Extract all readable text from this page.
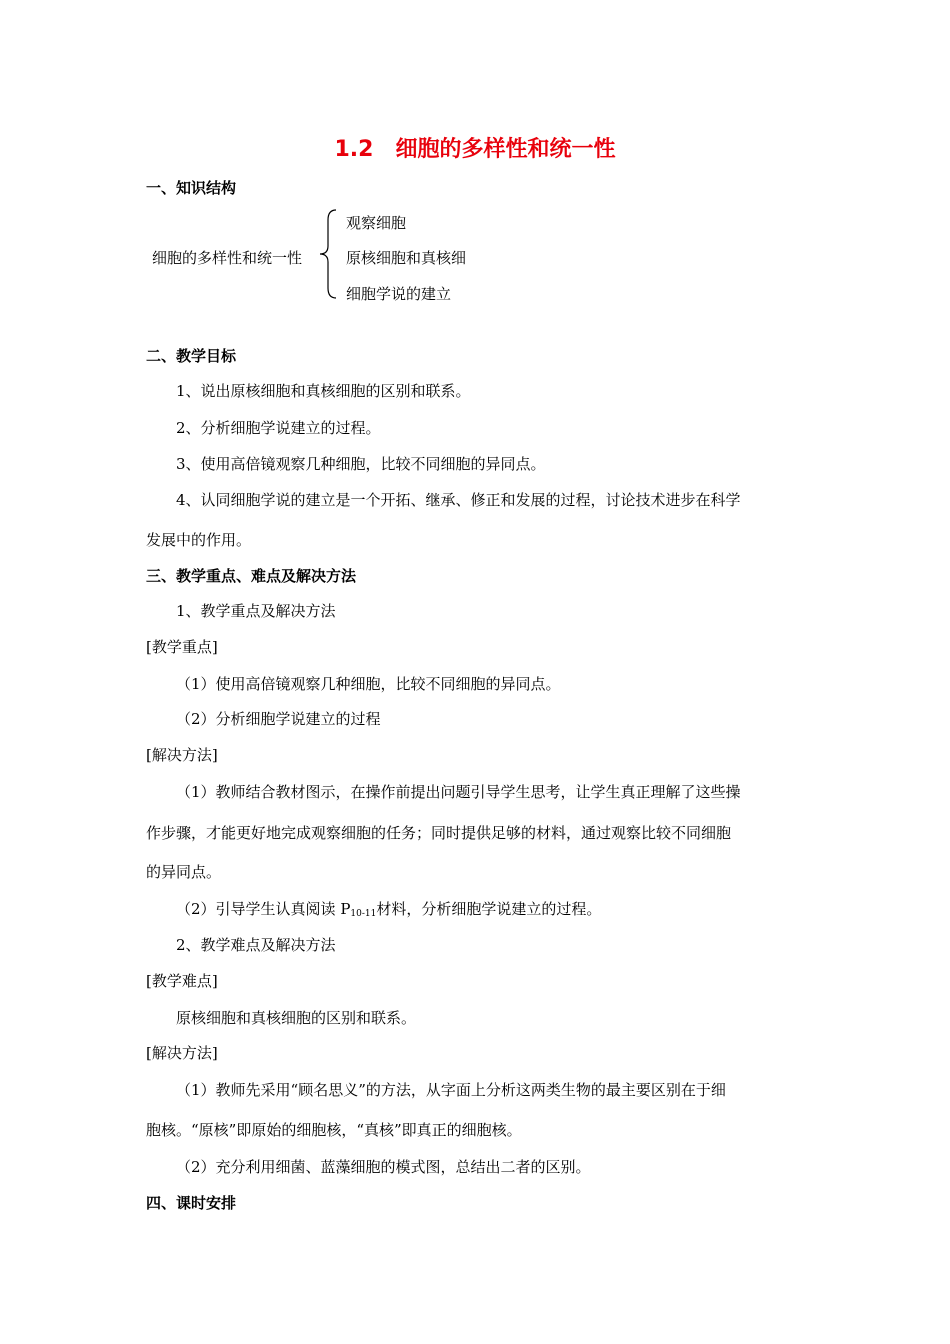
1.2 细胞的多样性和统一性
一、知识结构
细胞的多样性和统一性
观察细胞
原核细胞和真核细
细胞学说的建立
二、教学目标
1、说出原核细胞和真核细胞的区别和联系。
2、分析细胞学说建立的过程。
3、使用高倍镜观察几种细胞，比较不同细胞的异同点。
4、认同细胞学说的建立是一个开拓、继承、修正和发展的过程，讨论技术进步在科学
发展中的作用。
三、教学重点、难点及解决方法
1、教学重点及解决方法
[教学重点]
（1）使用高倍镜观察几种细胞，比较不同细胞的异同点。
（2）分析细胞学说建立的过程
[解决方法]
（1）教师结合教材图示，在操作前提出问题引导学生思考，让学生真正理解了这些操
作步骤，才能更好地完成观察细胞的任务；同时提供足够的材料，通过观察比较不同细胞
的异同点。
（2）引导学生认真阅读 $P_{10-11}$材料，分析细胞学说建立的过程。
2、教学难点及解决方法
[教学难点]
原核细胞和真核细胞的区别和联系。
[解决方法]
（1）教师先采用“顾名思义”的方法，从字面上分析这两类生物的最主要区别在于细
胞核。“原核”即原始的细胞核，“真核”即真正的细胞核。
（2）充分利用细菌、蓝藻细胞的模式图，总结出二者的区别。
四、课时安排
